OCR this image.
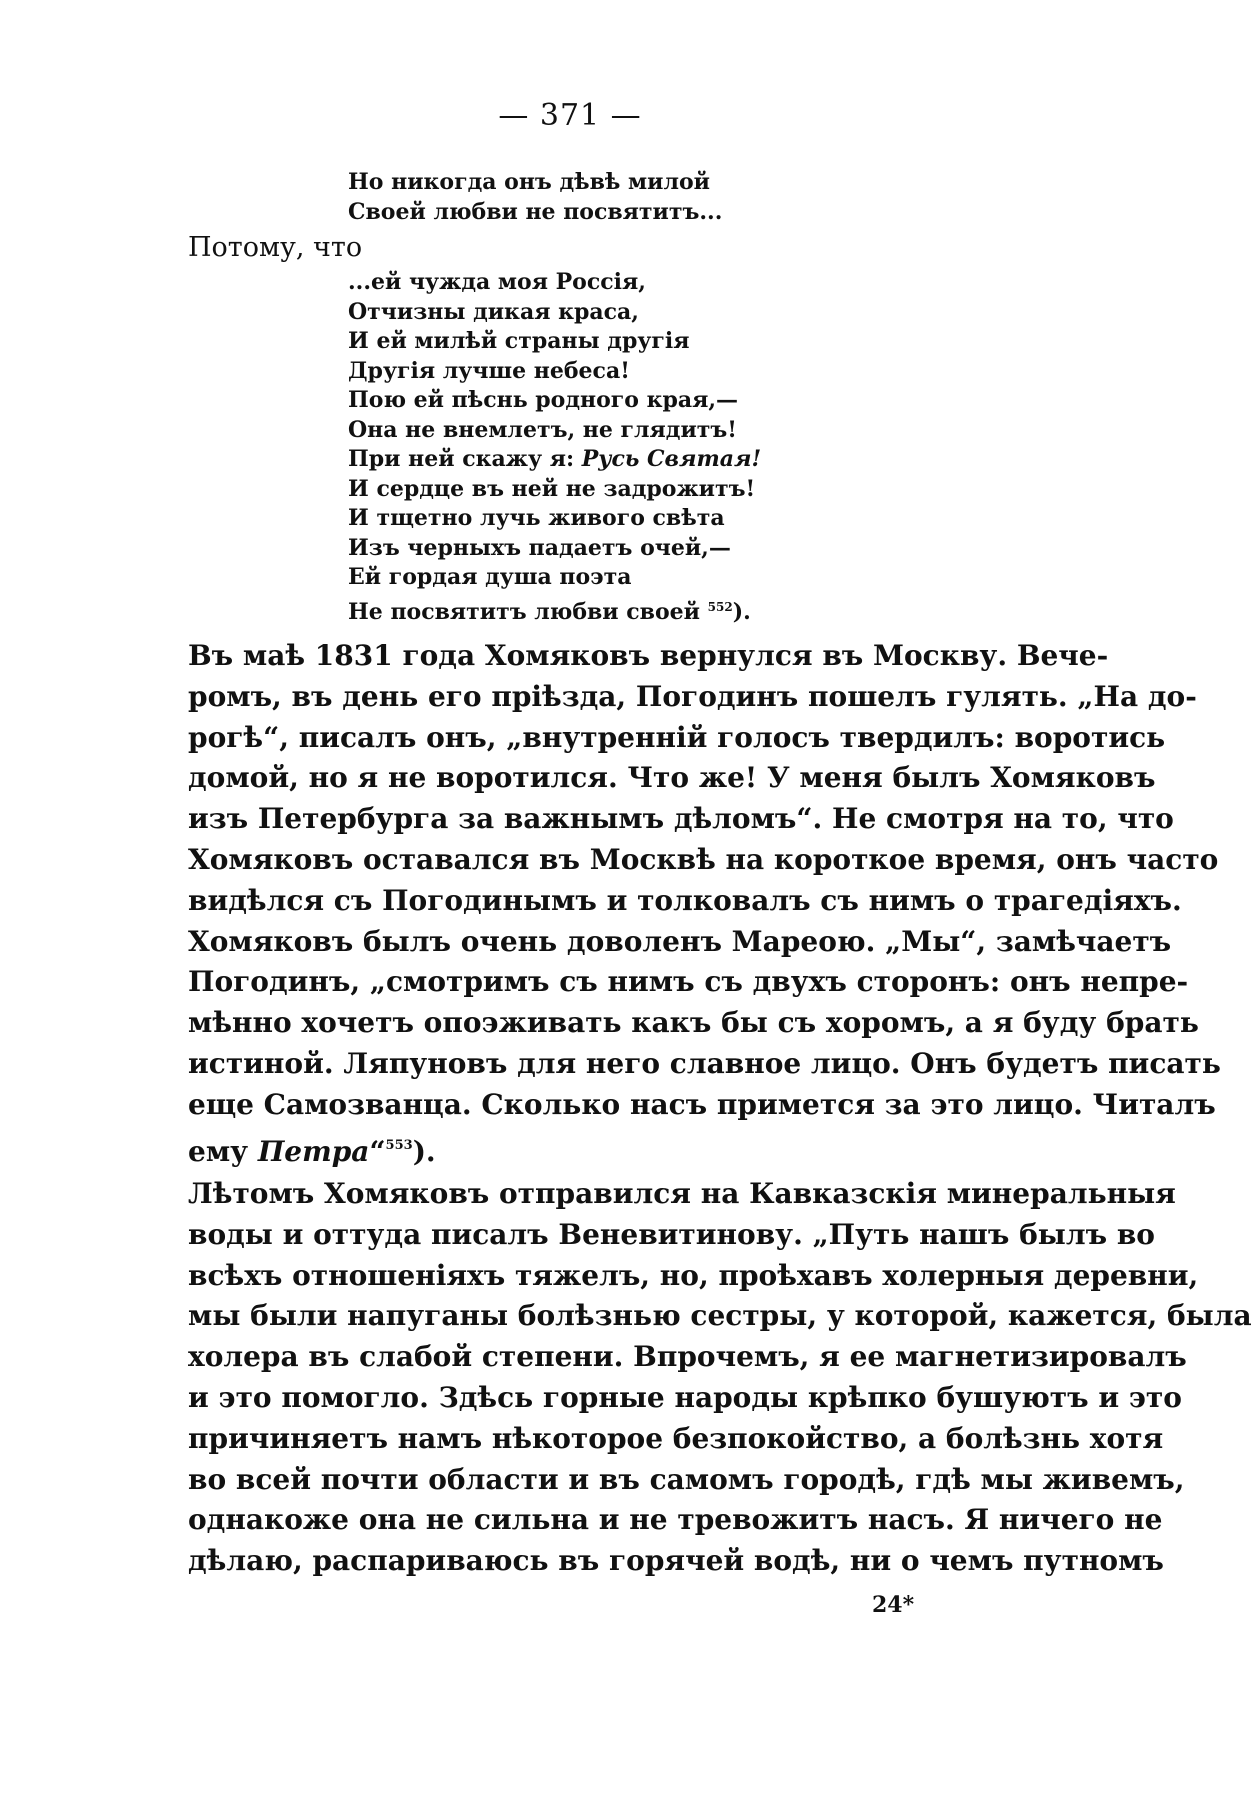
— 371 —
Но никогда онъ дѣвѣ милой
Своей любви не посвятитъ...

Потому, что

...ей чужда моя Россія,
Отчизны дикая краса,
И ей милѣй страны другія
Другія лучше небеса!
Пою ей пѣснь родного края,—
Она не внемлетъ, не глядитъ!
При ней скажу я: Русь Святая!
И сердце въ ней не задрожитъ!
И тщетно лучь живого свѣта
Изъ черныхъ падаетъ очей,—
Ей гордая душа поэта
Не посвятитъ любви своей $^{552}$).
Въ маѣ 1831 года Хомяковъ вернулся въ Москву. Вече-
ромъ, въ день его пріѣзда, Погодинъ пошелъ гулять. „На до-
рогѣ“, писалъ онъ, „внутренній голосъ твердилъ: воротись
домой, но я не воротился. Что же! У меня былъ Хомяковъ
изъ Петербурга за важнымъ дѣломъ“. Не смотря на то, что
Хомяковъ оставался въ Москвѣ на короткое время, онъ часто
видѣлся съ Погодинымъ и толковалъ съ нимъ о трагедіяхъ.
Хомяковъ былъ очень доволенъ Мареою. „Мы“, замѣчаетъ
Погодинъ, „смотримъ съ нимъ съ двухъ сторонъ: онъ непре-
мѣнно хочетъ опоэживать какъ бы съ хоромъ, а я буду брать
истиной. Ляпуновъ для него славное лицо. Онъ будетъ писать
еще Самозванца. Сколько насъ примется за это лицо. Читалъ
ему Петра“$^{553}$).
Лѣтомъ Хомяковъ отправился на Кавказскія минеральныя
воды и оттуда писалъ Веневитинову. „Путь нашъ былъ во
всѣхъ отношеніяхъ тяжелъ, но, проѣхавъ холерныя деревни,
мы были напуганы болѣзнью сестры, у которой, кажется, была
холера въ слабой степени. Впрочемъ, я ее магнетизировалъ
и это помогло. Здѣсь горные народы крѣпко бушуютъ и это
причиняетъ намъ нѣкоторое безпокойство, а болѣзнь хотя
во всей почти области и въ самомъ городѣ, гдѣ мы живемъ,
однакоже она не сильна и не тревожитъ насъ. Я ничего не
дѣлаю, распариваюсь въ горячей водѣ, ни о чемъ путномъ
24*
